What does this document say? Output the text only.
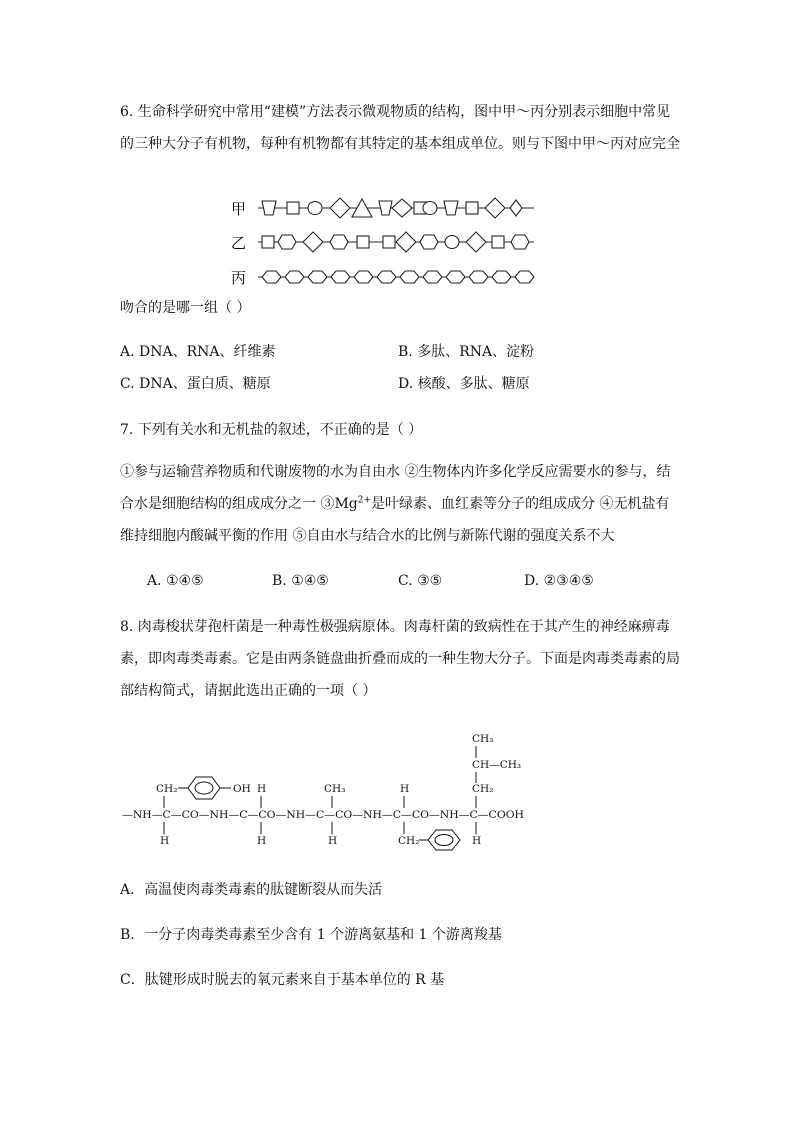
6. 生命科学研究中常用“建模”方法表示微观物质的结构，图中甲～丙分别表示细胞中常见
的三种大分子有机物，每种有机物都有其特定的基本组成单位。则与下图中甲～丙对应完全
甲
乙
丙
吻合的是哪一组（ ）
A. DNA、RNA、纤维素	B. 多肽、RNA、淀粉
C. DNA、蛋白质、糖原	D. 核酸、多肽、糖原
7. 下列有关水和无机盐的叙述，不正确的是（ ）
①参与运输营养物质和代谢废物的水为自由水 ②生物体内许多化学反应需要水的参与，结
合水是细胞结构的组成成分之一 $③Mg^{2+}$是叶绿素、血红素等分子的组成成分 ④无机盐有
维持细胞内酸碱平衡的作用 ⑤自由水与结合水的比例与新陈代谢的强度关系不大
A. ①④⑤	B. ①④⑤	C. ③⑤	D. ②③④⑤
8. 肉毒梭状芽孢杆菌是一种毒性极强病原体。肉毒杆菌的致病性在于其产生的神经麻痹毒
素，即肉毒类毒素。它是由两条链盘曲折叠而成的一种生物大分子。下面是肉毒类毒素的局
部结构简式，请据此选出正确的一项（ ）
—NH—C—CO—NH—C—CO—NH—C—CO—NH—C—CO—NH—C—COOH
CH₂	OH
H
H
H
CH₃
H
H
CH₂
CH₃
CH—CH₃
CH₂
H
A．高温使肉毒类毒素的肽键断裂从而失活
B．一分子肉毒类毒素至少含有 1 个游离氨基和 1 个游离羧基
C．肽键形成时脱去的氧元素来自于基本单位的 R 基
